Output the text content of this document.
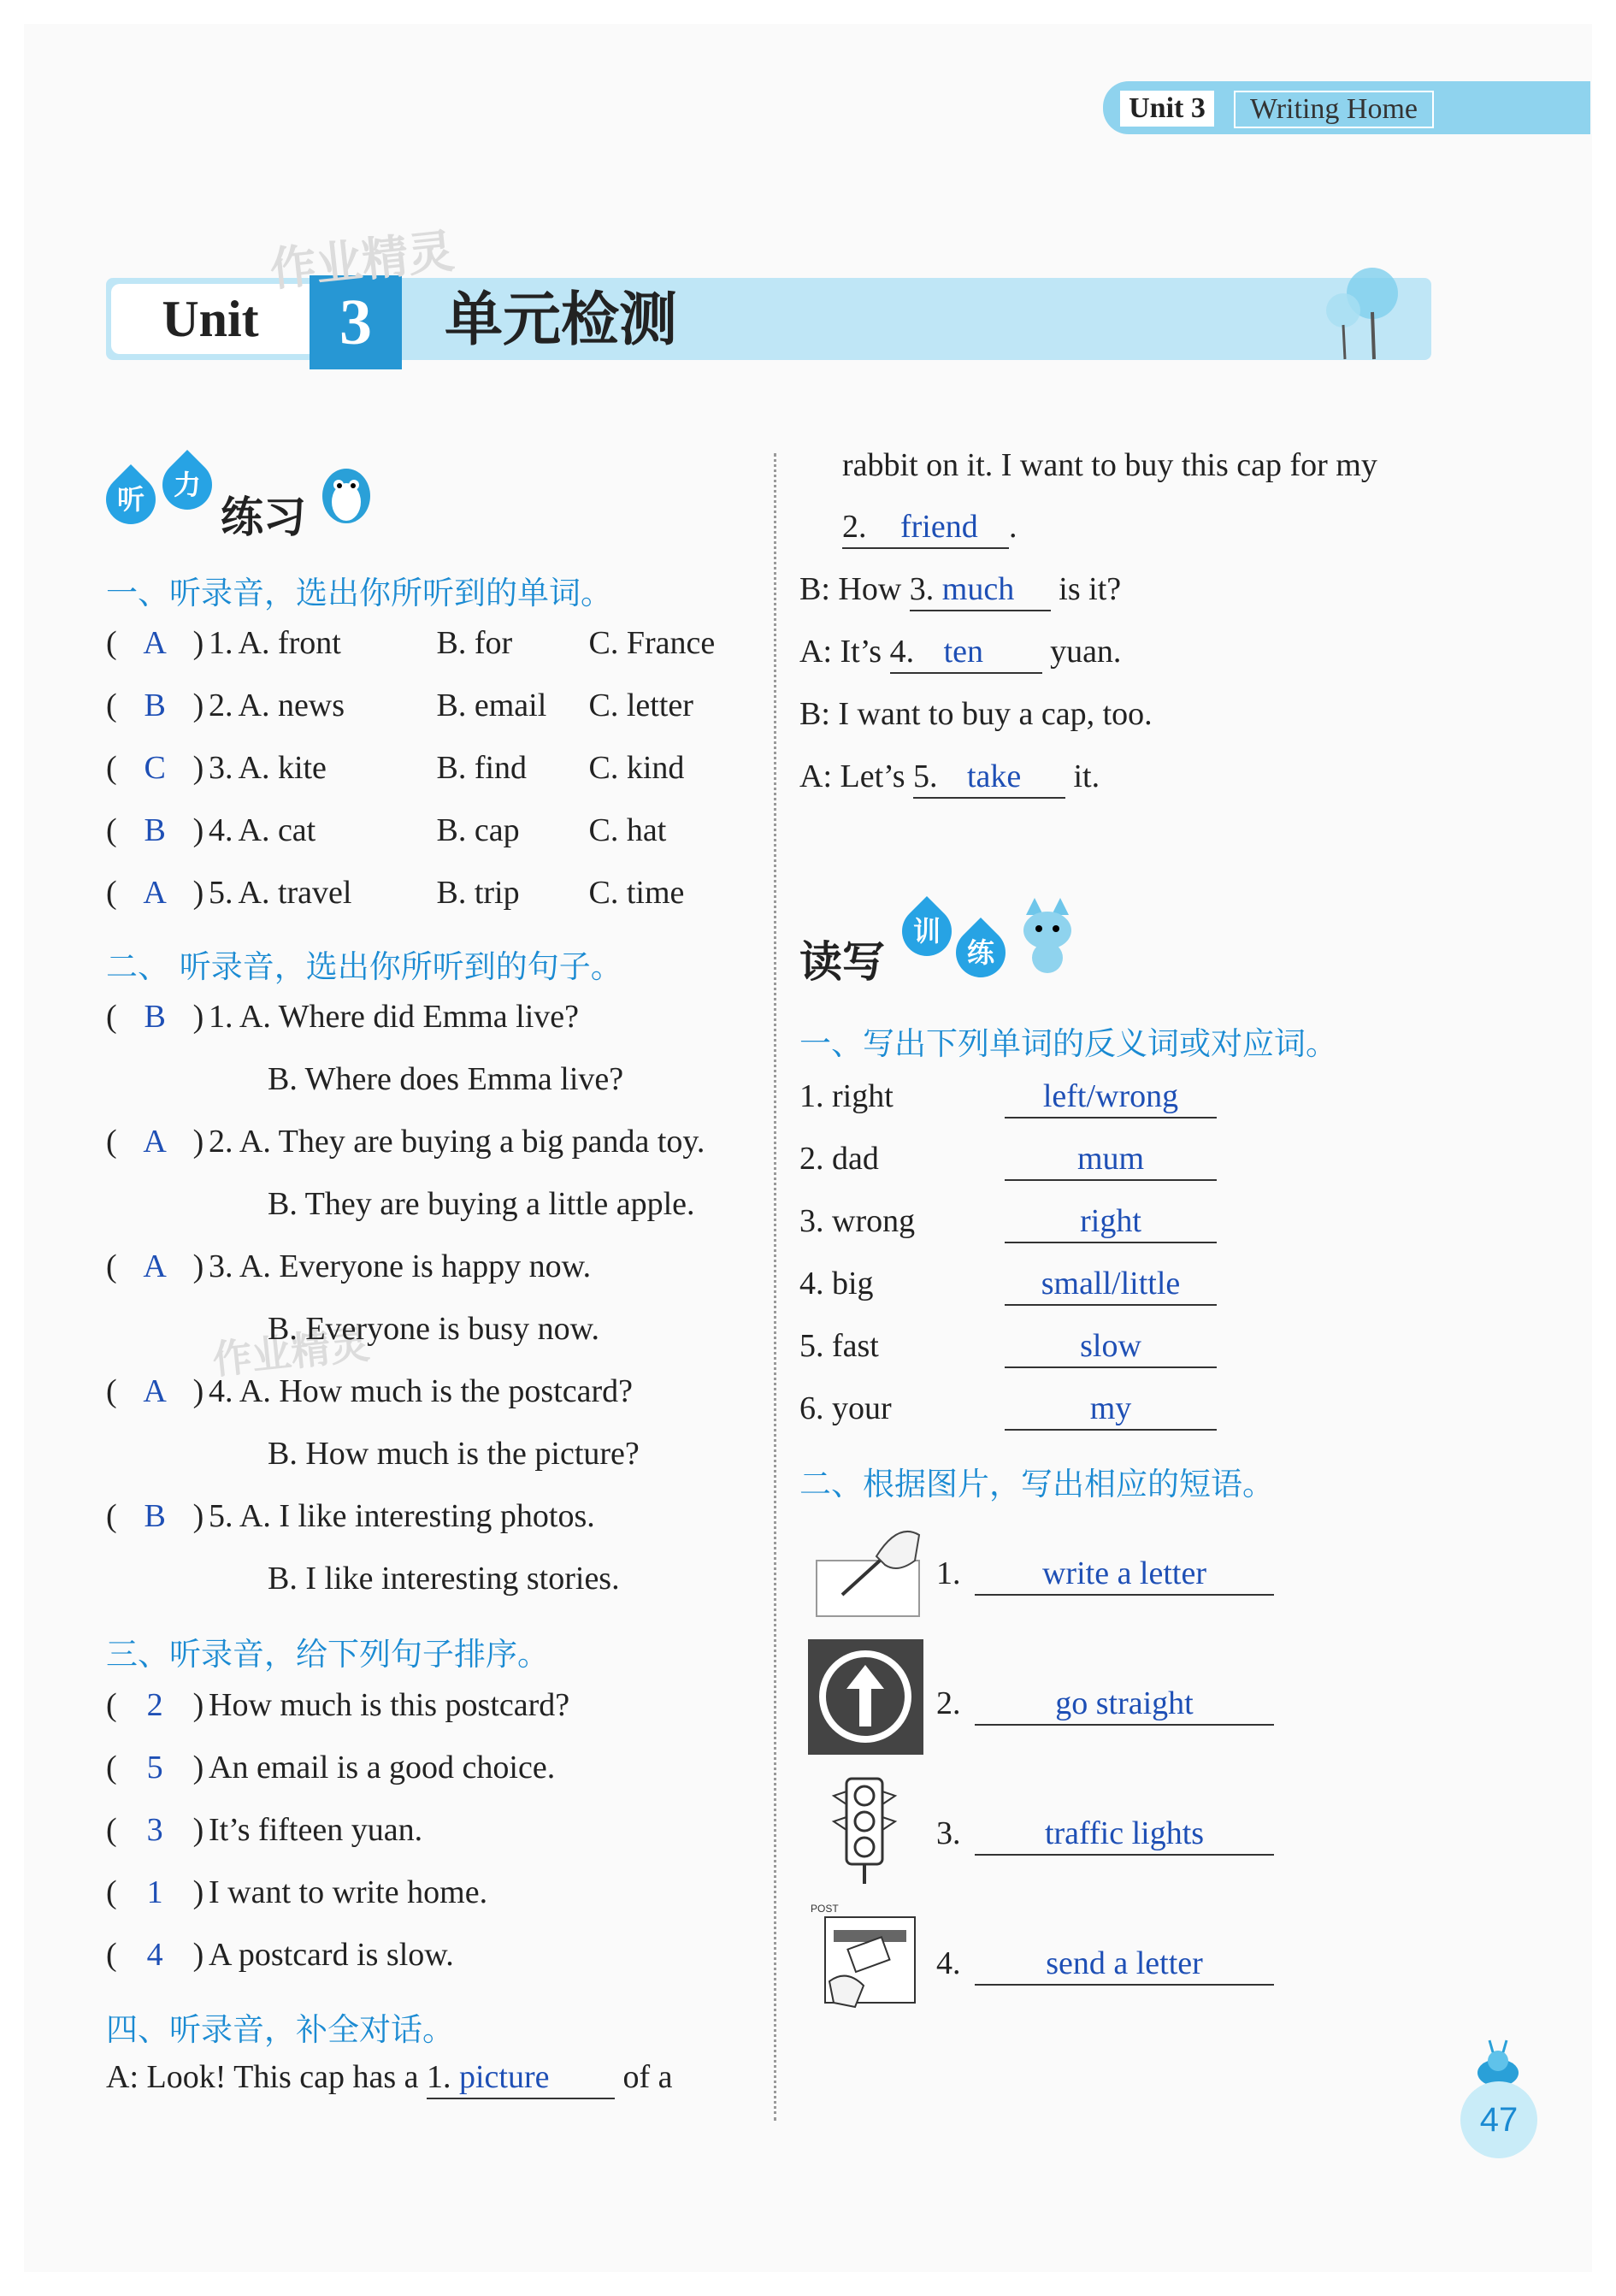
Unit 3	Writing Home
Unit	3	单元检测
作业精灵
作业精灵
听	力
练习
一、听录音，选出你所听到的单词。
( A ) 1. A. front	B. for C. France
( B ) 2. A. news	B. email C. letter
( C ) 3. A. kite	B. find C. kind
( B ) 4. A. cat	B. cap C. hat
( A ) 5. A. travel	B. trip C. time
二、 听录音，选出你所听到的句子。
( B ) 1. A. Where did Emma live?
B. Where does Emma live?
( A ) 2. A. They are buying a big panda toy.
B. They are buying a little apple.
( A ) 3. A. Everyone is happy now.
B. Everyone is busy now.
( A ) 4. A. How much is the postcard?
B. How much is the picture?
( B ) 5. A. I like interesting photos.
B. I like interesting stories.
三、听录音，给下列句子排序。
( 2 ) How much is this postcard?
( 5 ) An email is a good choice.
( 3 ) It’s fifteen yuan.
( 1 ) I want to write home.
( 4 ) A postcard is slow.
四、听录音，补全对话。
A: Look! This cap has a 1. picture of a
rabbit on it. I want to buy this cap for my
2. friend .
B: How 3. much is it?
A: It’s 4. ten yuan.
B: I want to buy a cap, too.
A: Let’s 5. take it.
读写
训
练
一、写出下列单词的反义词或对应词。
1. right	left/wrong
2. dad	mum
3. wrong	right
4. big	small/little
5. fast	slow
6. your	my
二、根据图片，写出相应的短语。
POST
1.	write a letter
2.	go straight
3.	traffic lights
4.	send a letter
47
